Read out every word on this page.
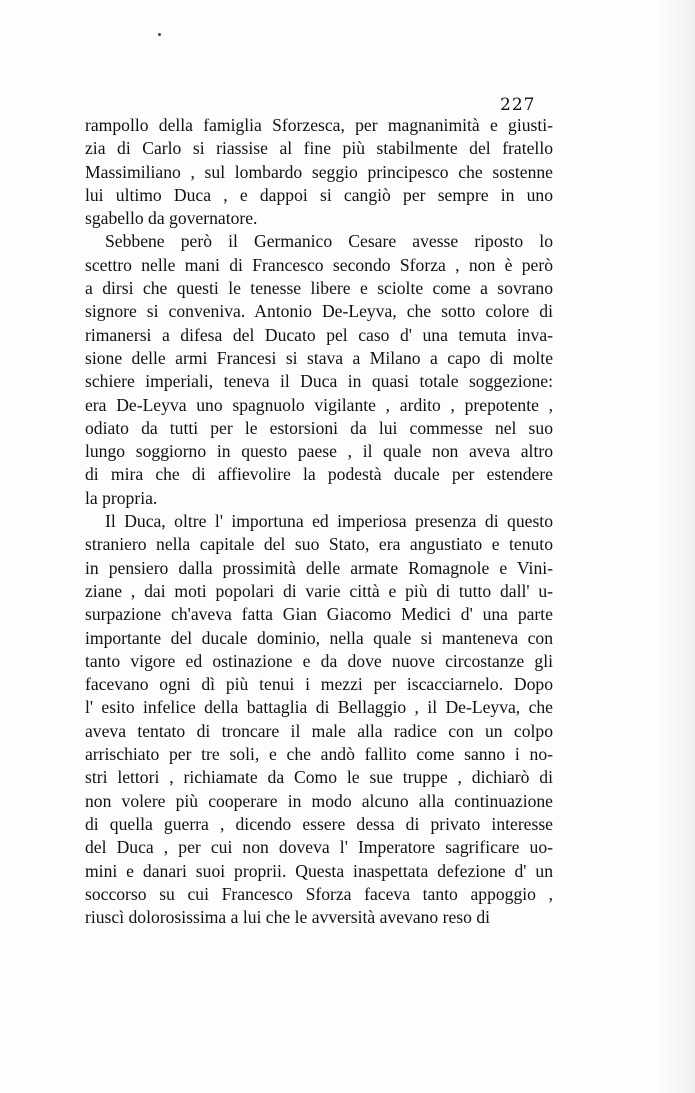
227
rampollo della famiglia Sforzesca, per magnanimità e giusti-
zia di Carlo si riassise al fine più stabilmente del fratello
Massimiliano , sul lombardo seggio principesco che sostenne
lui ultimo Duca , e dappoi si cangiò per sempre in uno
sgabello da governatore.
Sebbene però il Germanico Cesare avesse riposto lo
scettro nelle mani di Francesco secondo Sforza , non è però
a dirsi che questi le tenesse libere e sciolte come a sovrano
signore si conveniva. Antonio De-Leyva, che sotto colore di
rimanersi a difesa del Ducato pel caso d' una temuta inva-
sione delle armi Francesi si stava a Milano a capo di molte
schiere imperiali, teneva il Duca in quasi totale soggezione:
era De-Leyva uno spagnuolo vigilante , ardito , prepotente ,
odiato da tutti per le estorsioni da lui commesse nel suo
lungo soggiorno in questo paese , il quale non aveva altro
di mira che di affievolire la podestà ducale per estendere
la propria.
Il Duca, oltre l' importuna ed imperiosa presenza di questo
straniero nella capitale del suo Stato, era angustiato e tenuto
in pensiero dalla prossimità delle armate Romagnole e Vini-
ziane , dai moti popolari di varie città e più di tutto dall' u-
surpazione ch'aveva fatta Gian Giacomo Medici d' una parte
importante del ducale dominio, nella quale si manteneva con
tanto vigore ed ostinazione e da dove nuove circostanze gli
facevano ogni dì più tenui i mezzi per iscacciarnelo. Dopo
l' esito infelice della battaglia di Bellaggio , il De-Leyva, che
aveva tentato di troncare il male alla radice con un colpo
arrischiato per tre soli, e che andò fallito come sanno i no-
stri lettori , richiamate da Como le sue truppe , dichiarò di
non volere più cooperare in modo alcuno alla continuazione
di quella guerra , dicendo essere dessa di privato interesse
del Duca , per cui non doveva l' Imperatore sagrificare uo-
mini e danari suoi proprii. Questa inaspettata defezione d' un
soccorso su cui Francesco Sforza faceva tanto appoggio ,
riuscì dolorosissima a lui che le avversità avevano reso di
